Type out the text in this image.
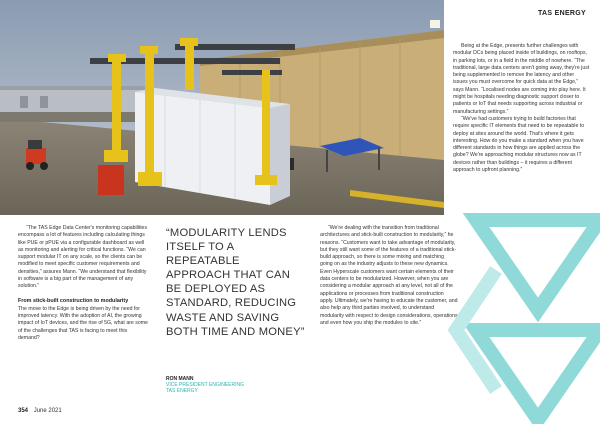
TAS ENERGY

Being at the Edge, presents further challenges with modular DCs being placed inside of buildings, on rooftops, in parking lots, or in a field in the middle of nowhere. “The traditional, large data centers aren't going away, they're just being supplemented to remove the latency and other issues you must overcome for quick data at the Edge,” says Mann. “Localised nodes are coming into play here. It might be hospitals needing diagnostic support closer to patients or IoT that needs supporting across industrial or manufacturing settings.”

“We've had customers trying to build factories that require specific IT elements that need to be repeatable to deploy at sites around the world. That's where it gets interesting. How do you make a standard when you have different standards in how things are applied across the globe? We're approaching modular structures now as IT devices rather than buildings – it requires a different approach to upfront planning.”

“The TAS Edge Data Center's monitoring capabilities encompass a lot of features including calculating things like PUE or pPUE via a configurable dashboard as well as monitoring and alerting for critical functions. “We can support modular IT on any scale, so the clients can be modified to meet specific customer requirements and densities,” assures Mann. “We understand that flexibility in software is a big part of the management of any solution.”

From stick-built construction to modularity

The move to the Edge is being driven by the need for improved latency. With the adoption of AI, the growing impact of IoT devices, and the rise of 5G, what are some of the challenges that TAS is facing to meet this demand?

“MODULARITY LENDS ITSELF TO A REPEATABLE APPROACH THAT CAN BE DEPLOYED AS STANDARD, REDUCING WASTE AND SAVING BOTH TIME AND MONEY”
RON MANN
VICE PRESIDENT ENGINEERING
TAS ENERGY

“We're dealing with the transition from traditional architectures and stick-built construction to modularity,” he reasons. “Customers want to take advantage of modularity, but they still want some of the features of a traditional stick-build approach, so there is some mixing and matching going on as the industry adjusts to these new dynamics. Even Hyperscale customers want certain elements of their data centers to be modularized. However, when you are considering a modular approach at any level, not all of the applications or processes from traditional construction apply. Ultimately, we're having to educate the customer, and also help any third parties involved, to understand modularity with respect to design considerations, operations and even how you ship the modules to site.”

354 June 2021
